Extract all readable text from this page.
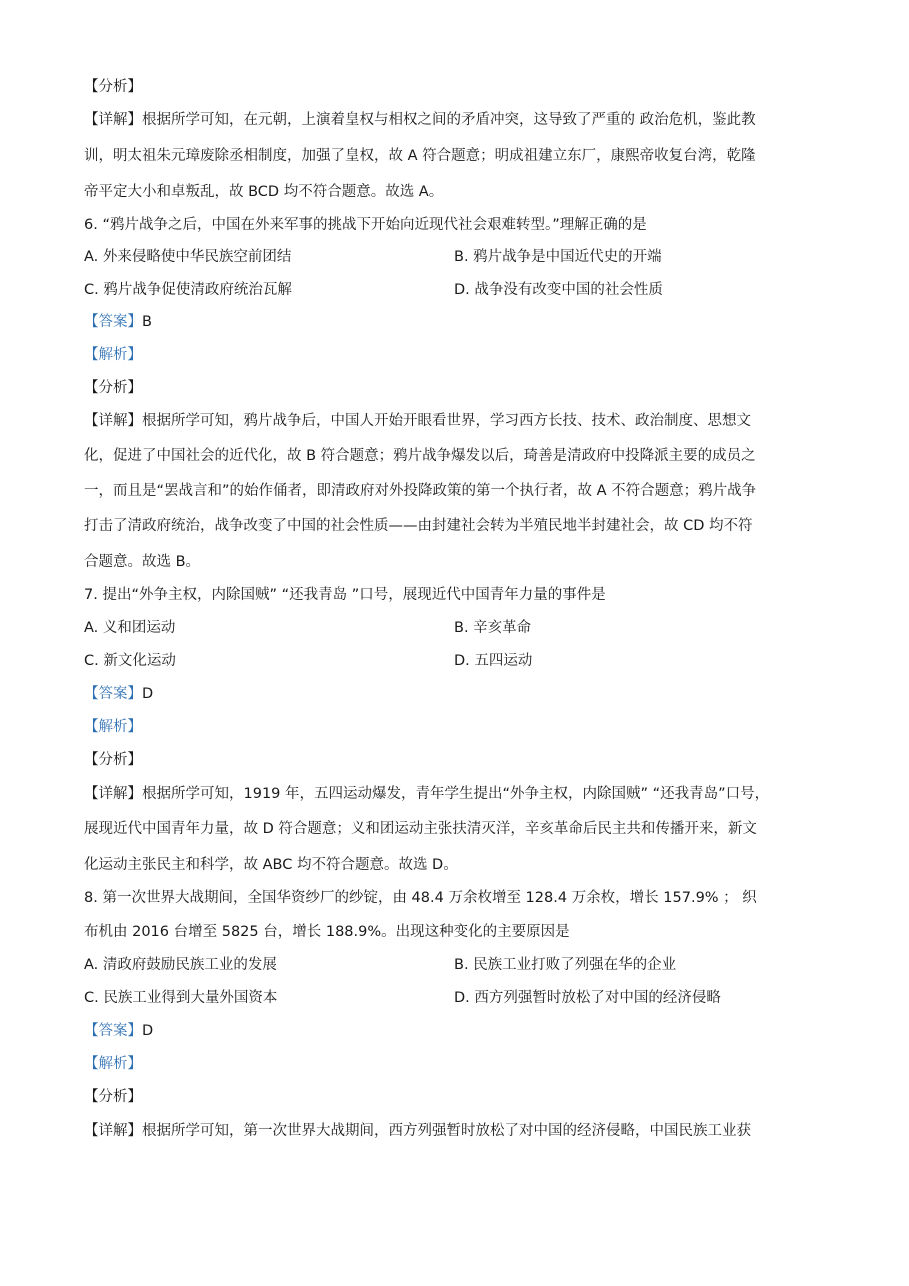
【分析】
【详解】根据所学可知，在元朝，上演着皇权与相权之间的矛盾冲突，这导致了严重的 政治危机，鉴此教
训，明太祖朱元璋废除丞相制度，加强了皇权，故 A 符合题意；明成祖建立东厂，康熙帝收复台湾，乾隆
帝平定大小和卓叛乱，故 BCD 均不符合题意。故选 A。
6. “鸦片战争之后，中国在外来军事的挑战下开始向近现代社会艰难转型。”理解正确的是
A. 外来侵略使中华民族空前团结	B. 鸦片战争是中国近代史的开端
C. 鸦片战争促使清政府统治瓦解	D. 战争没有改变中国的社会性质
【答案】B
【解析】
【分析】
【详解】根据所学可知，鸦片战争后，中国人开始开眼看世界，学习西方长技、技术、政治制度、思想文
化，促进了中国社会的近代化，故 B 符合题意；鸦片战争爆发以后，琦善是清政府中投降派主要的成员之
一，而且是“罢战言和”的始作俑者，即清政府对外投降政策的第一个执行者，故 A 不符合题意；鸦片战争
打击了清政府统治，战争改变了中国的社会性质——由封建社会转为半殖民地半封建社会，故 CD 均不符
合题意。故选 B。
7. 提出“外争主权，内除国贼” “还我青岛 ”口号，展现近代中国青年力量的事件是
A. 义和团运动	B. 辛亥革命
C. 新文化运动	D. 五四运动
【答案】D
【解析】
【分析】
【详解】根据所学可知，1919 年，五四运动爆发，青年学生提出“外争主权，内除国贼” “还我青岛”口号，
展现近代中国青年力量，故 D 符合题意；义和团运动主张扶清灭洋，辛亥革命后民主共和传播开来，新文
化运动主张民主和科学，故 ABC 均不符合题意。故选 D。
8. 第一次世界大战期间，全国华资纱厂的纱锭，由 48.4 万余枚增至 128.4 万余枚，增长 157.9% ； 织
布机由 2016 台增至 5825 台，增长 188.9%。出现这种变化的主要原因是
A. 清政府鼓励民族工业的发展	B. 民族工业打败了列强在华的企业
C. 民族工业得到大量外国资本	D. 西方列强暂时放松了对中国的经济侵略
【答案】D
【解析】
【分析】
【详解】根据所学可知，第一次世界大战期间，西方列强暂时放松了对中国的经济侵略，中国民族工业获
